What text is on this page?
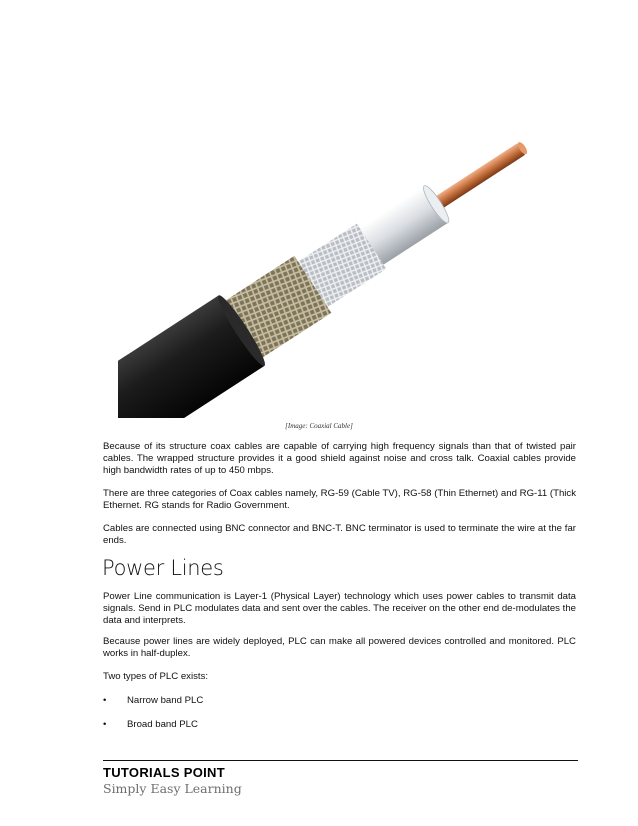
[Image: Coaxial Cable]

Because of its structure coax cables are capable of carrying high frequency signals than that of twisted pair cables. The wrapped structure provides it a good shield against noise and cross talk. Coaxial cables provide high bandwidth rates of up to 450 mbps.

There are three categories of Coax cables namely, RG-59 (Cable TV), RG-58 (Thin Ethernet) and RG-11 (Thick Ethernet. RG stands for Radio Government.

Cables are connected using BNC connector and BNC-T. BNC terminator is used to terminate the wire at the far ends.

Power Lines

Power Line communication is Layer-1 (Physical Layer) technology which uses power cables to transmit data signals. Send in PLC modulates data and sent over the cables. The receiver on the other end de-modulates the data and interprets.

Because power lines are widely deployed, PLC can make all powered devices controlled and monitored. PLC works in half-duplex.

Two types of PLC exists:

• Narrow band PLC
• Broad band PLC
TUTORIALS POINT
Simply Easy Learning
